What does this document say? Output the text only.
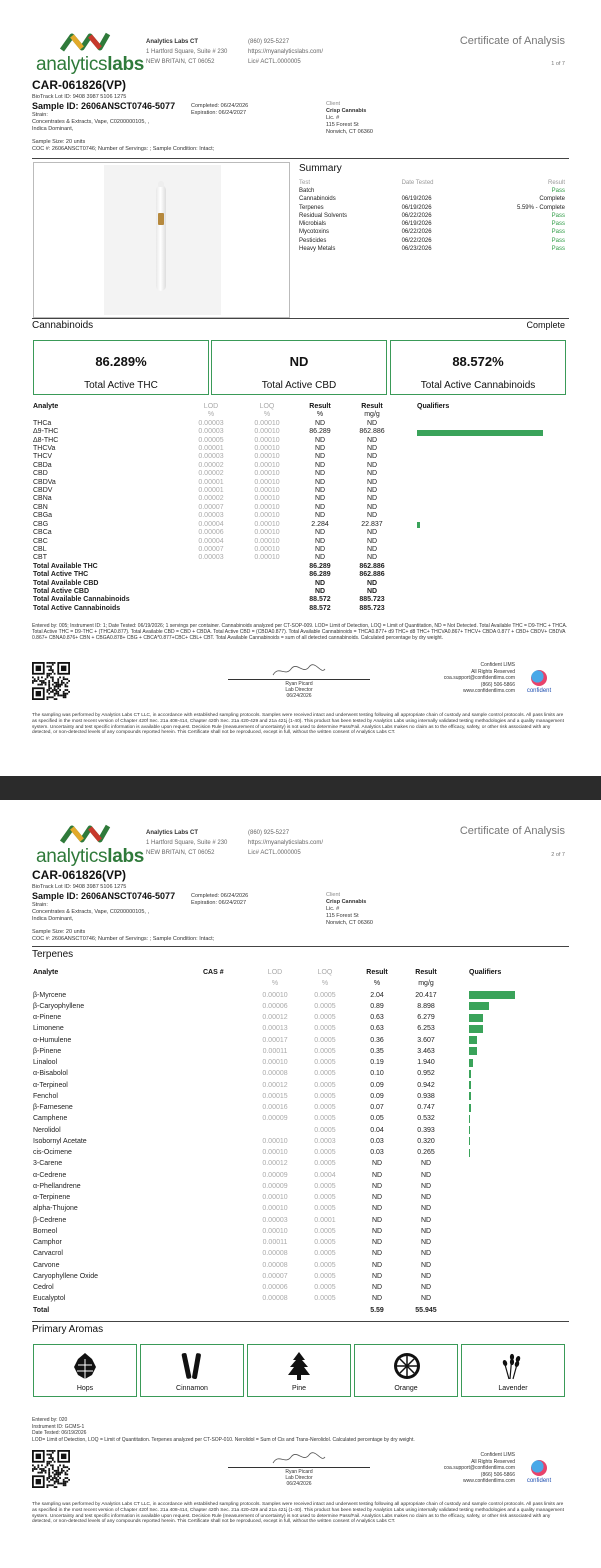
analyticslabs
Analytics Labs CT
1 Hartford Square, Suite # 230
NEW BRITAIN, CT 06052
(860) 925-5227
https://myanalyticslabs.com/
Lic# ACTL.0000005
Certificate of Analysis
1 of 7
CAR-061826(VP)
BioTrack Lot ID: 9408 3987 5106 1275
Sample ID: 2606ANSCT0746-5077
Strain:
Concentrates & Extracts, Vape, C0200000105, ,
Indica Dominant,
Sample Size: 20 units
COC #: 2606ANSCT0746; Number of Servings: ; Sample Condition: Intact;
Completed: 06/24/2026
Expiration: 06/24/2027
Client
Crisp Cannabis
Lic. #
115 Forest St
Norwich, CT 06360
Summary
Test	Date Tested	Result
Batch		Pass
Cannabinoids	06/19/2026	Complete
Terpenes	06/19/2026	5.59% - Complete
Residual Solvents	06/22/2026	Pass
Microbials	06/19/2026	Pass
Mycotoxins	06/22/2026	Pass
Pesticides	06/22/2026	Pass
Heavy Metals	06/23/2026	Pass
Cannabinoids	Complete
86.289%
Total Active THC
ND
Total Active CBD
88.572%
Total Active Cannabinoids
Analyte	LOD	LOQ	Result	Result		Qualifiers
	%	%	%	mg/g		
THCa	0.00003	0.00010	ND	ND		
Δ9-THC	0.00003	0.00010	86.289	862.886		

Δ8-THC	0.00005	0.00010	ND	ND		
THCVa	0.00001	0.00010	ND	ND		
THCV	0.00003	0.00010	ND	ND		
CBDa	0.00002	0.00010	ND	ND		
CBD	0.00002	0.00010	ND	ND		
CBDVa	0.00001	0.00010	ND	ND		
CBDV	0.00001	0.00010	ND	ND		
CBNa	0.00002	0.00010	ND	ND		
CBN	0.00007	0.00010	ND	ND		
CBGa	0.00003	0.00010	ND	ND		
CBG	0.00004	0.00010	2.284	22.837		

CBCa	0.00006	0.00010	ND	ND		
CBC	0.00004	0.00010	ND	ND		
CBL	0.00007	0.00010	ND	ND		
CBT	0.00003	0.00010	ND	ND		
Total Available THC			86.289	862.886		
Total Active THC			86.289	862.886		
Total Available CBD			ND	ND		
Total Active CBD			ND	ND		
Total Available Cannabinoids			88.572	885.723		
Total Active Cannabinoids			88.572	885.723		
Entered by: 005; Instrument ID: 1; Date Tested: 06/19/2026; 1 servings per container. Cannabinoids analyzed per CT-SOP-009. LOD= Limit of Detection, LOQ = Limit of Quantitation, ND = Not Detected. Total Available THC = D9-THC + THCA. Total Active THC = D9-THC + (THCA0.877). Total Available CBD = CBD + CBDA. Total Active CBD = (CBDA0.877). Total Available Cannabinoids = THCA0.877+ d9 THC+ d8 THC+ THCVA0.867+ THCV+ CBDA 0.877 + CBD+ CBDV+ CBDVA 0.867+ CBNA0.876+ CBN + CBGA0.878+ CBG + CBCA*0.877+CBC+ CBL+ CBT. Total Available Cannabinoids = sum of all detected cannabinoids. Calculated percentage by dry weight.
Ryan Picard
Lab Director
06/24/2026
Confident LIMS
All Rights Reserved
coa.support@confidentlims.com
(866) 506-5866
www.confidentlims.com	confident
The sampling was performed by Analytics Labs CT LLC, in accordance with established sampling protocols. Samples were received intact and underwent testing following all appropriate chain of custody and sample control protocols. All pass limits are as specified in the most recent version of Chapter 420f Sec. 21a 408-414, Chapter 420h Sec. 21a 420-429 and 21a 421j (1-40). This product has been tested by Analytics Labs using internally validated testing methodologies and a quality management system. Uncertainty and test specific information is available upon request. Decision Rule (measurement of uncertainty) is not used to determine Pass/Fail. Analytics Labs makes no claim as to the efficacy, safety, or other risk associated with any detected, or non-detected levels of any compounds reported herein. This Certificate shall not be reproduced, except in full, without the written consent of Analytics Labs CT.
analyticslabs
Analytics Labs CT
1 Hartford Square, Suite # 230
NEW BRITAIN, CT 06052
(860) 925-5227
https://myanalyticslabs.com/
Lic# ACTL.0000005
Certificate of Analysis
2 of 7
CAR-061826(VP)
BioTrack Lot ID: 9408 3987 5106 1275
Sample ID: 2606ANSCT0746-5077
Strain:
Concentrates & Extracts, Vape, C0200000105, ,
Indica Dominant,
Sample Size: 20 units
COC #: 2606ANSCT0746; Number of Servings: ; Sample Condition: Intact;
Completed: 06/24/2026
Expiration: 06/24/2027
Client
Crisp Cannabis
Lic. #
115 Forest St
Norwich, CT 06360
Terpenes
Analyte	CAS #	LOD	LOQ	Result	Result		Qualifiers
		%	%	%	mg/g		
β-Myrcene		0.00010	0.0005	2.04	20.417		

β-Caryophyllene		0.00006	0.0005	0.89	8.898		

α-Pinene		0.00012	0.0005	0.63	6.279		

Limonene		0.00013	0.0005	0.63	6.253		

α-Humulene		0.00017	0.0005	0.36	3.607		

β-Pinene		0.00011	0.0005	0.35	3.463		

Linalool		0.00010	0.0005	0.19	1.940		

α-Bisabolol		0.00008	0.0005	0.10	0.952		

α-Terpineol		0.00012	0.0005	0.09	0.942		

Fenchol		0.00015	0.0005	0.09	0.938		

β-Farnesene		0.00016	0.0005	0.07	0.747		

Camphene		0.00009	0.0005	0.05	0.532		

Nerolidol			0.0005	0.04	0.393		

Isobornyl Acetate		0.00010	0.0003	0.03	0.320		

cis-Ocimene		0.00010	0.0005	0.03	0.265		

3-Carene		0.00012	0.0005	ND	ND		
α-Cedrene		0.00009	0.0004	ND	ND		
α-Phellandrene		0.00009	0.0005	ND	ND		
α-Terpinene		0.00010	0.0005	ND	ND		
alpha-Thujone		0.00010	0.0005	ND	ND		
β-Cedrene		0.00003	0.0001	ND	ND		
Borneol		0.00010	0.0005	ND	ND		
Camphor		0.00011	0.0005	ND	ND		
Carvacrol		0.00008	0.0005	ND	ND		
Carvone		0.00008	0.0005	ND	ND		
Caryophyllene Oxide		0.00007	0.0005	ND	ND		
Cedrol		0.00006	0.0005	ND	ND		
Eucalyptol		0.00008	0.0005	ND	ND		
Total				5.59	55.945		
Primary Aromas
Hops	Cinnamon	Pine	Orange	Lavender
Entered by: 020
Instrument ID: GCMS-1
Date Tested: 06/19/2026
LOD= Limit of Detection, LOQ = Limit of Quantitation. Terpenes analyzed per CT-SOP-010. Nerolidol = Sum of Cis and Trans-Nerolidol. Calculated percentage by dry weight.
Ryan Picard
Lab Director
06/24/2026
Confident LIMS
All Rights Reserved
coa.support@confidentlims.com
(866) 506-5866
www.confidentlims.com	confident
The sampling was performed by Analytics Labs CT LLC, in accordance with established sampling protocols. Samples were received intact and underwent testing following all appropriate chain of custody and sample control protocols. All pass limits are as specified in the most recent version of Chapter 420f Sec. 21a 408-414, Chapter 420h Sec. 21a 420-429 and 21a 421j (1-40). This product has been tested by Analytics Labs using internally validated testing methodologies and a quality management system. Uncertainty and test specific information is available upon request. Decision Rule (measurement of uncertainty) is not used to determine Pass/Fail. Analytics Labs makes no claim as to the efficacy, safety, or other risk associated with any detected, or non-detected levels of any compounds reported herein. This Certificate shall not be reproduced, except in full, without the written consent of Analytics Labs CT.
